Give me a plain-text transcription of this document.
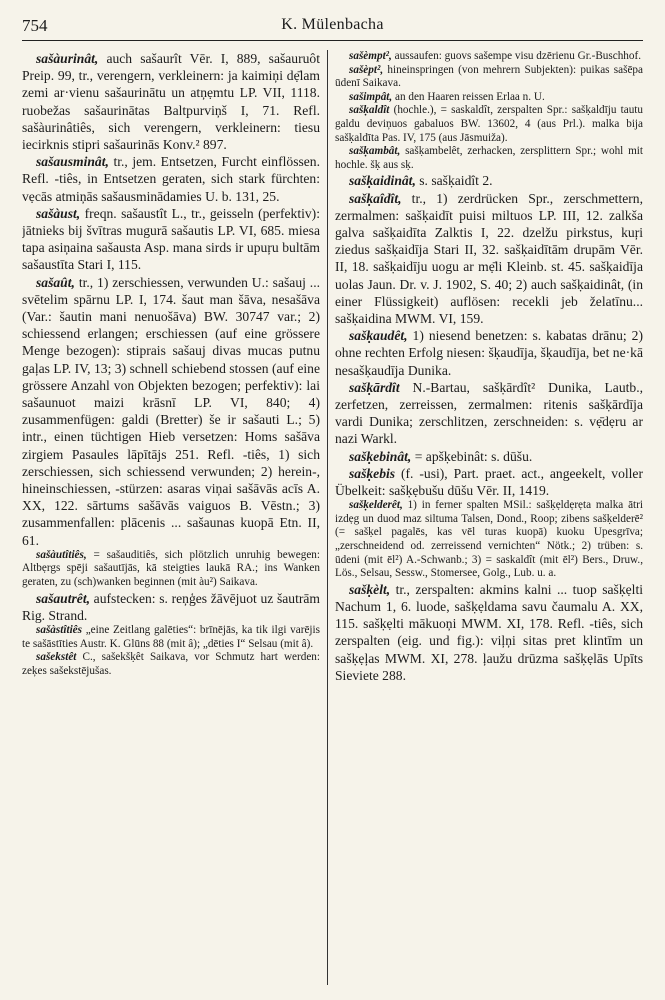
754	K. Mülenbacha

sašàurinât, auch sašaurît Vēr. I, 889, sašauruôt Preip. 99, tr., verengern, verkleinern: ja kaimiņi dẹ̄lam zemi ar·vienu sašaurinātu un atņẹmtu LP. VII, 1118. ruobežas sašaurinātas Baltpurviņš I, 71. Refl. sašàurinâtiês, sich verengern, verkleinern: tiesu iecirknis stipri sašaurinās Konv.² 897.

sašausminât, tr., jem. Entsetzen, Furcht einflössen. Refl. -tiês, in Entsetzen geraten, sich stark fürchten: vẹcās atmiņās sašausminādamies U. b. 131, 25.

sašàust, freqn. sašaustît L., tr., geisseln (perfektiv): jātnieks bij švītras mugurā sašautis LP. VI, 685. miesa tapa asiņaina sašausta Asp. mana sirds ir upuŗu bultām sašaustīta Stari I, 115.

sašaût, tr., 1) zerschiessen, verwunden U.: sašauj ... svētelim spārnu LP. I, 174. šaut man šāva, nesašāva (Var.: šautin mani nenuošāva) BW. 30747 var.; 2) schiessend erlangen; erschiessen (auf eine grössere Menge bezogen): stiprais sašauj divas mucas putnu gaļas LP. IV, 13; 3) schnell schiebend stossen (auf eine grössere Anzahl von Objekten bezogen; perfektiv): lai sašaunuot maizi krāsnī LP. VI, 840; 4) zusammenfügen: galdi (Bretter) še ir sašauti L.; 5) intr., einen tüchtigen Hieb versetzen: Homs sašāva zirgiem Pasaules lāpītājs 251. Refl. -tiês, 1) sich zerschiessen, sich schiessend verwunden; 2) herein-, hineinschiessen, -stürzen: asaras viņai sašāvās acīs A. XX, 122. sārtums sašāvās vaiguos B. Vēstn.; 3) zusammenfallen: plācenis ... sašaunas kuopā Etn. II, 61.

sašàutîtiês, = sašauditiês, sich plötzlich unruhig bewegen: Altbẹrgs spēji sašautījās, kā steigties laukā RA.; ins Wanken geraten, zu (sch)wanken beginnen (mit àu²) Saikava.

sašautrêt, aufstecken: s. reņģes žāvējuot uz šautrām Rig. Strand.

sašàstîtiês „eine Zeitlang galēties“: brīnējās, ka tik ilgi varējis te sašāstīties Austr. K. Glūns 88 (mit â); „dēties I“ Selsau (mit â).

sašekstêt C., sašekšḳêt Saikava, vor Schmutz hart werden: zeķes sašekstējušas.

sašèmpt², aussaufen: guovs sašempe visu dzērienu Gr.-Buschhof.

sašèpt², hineinspringen (von mehrern Subjekten): puikas sašēpa ūdenī Saikava.

sašimpât, an den Haaren reissen Erlaa n. U.

sašḳaldît (hochle.), = saskaldît, zerspalten Spr.: sašḳaldīju tautu galdu deviņuos gabaluos BW. 13602, 4 (aus Prl.). malka bija sašḳaldīta Pas. IV, 175 (aus Jāsmuiža).

sašḳambât, sašḳambelêt, zerhacken, zersplittern Spr.; wohl mit hochle. šḳ aus sḳ.

sašḳaidinât, s. sašḳaidît 2.

sašḳaîdît, tr., 1) zerdrücken Spr., zerschmettern, zermalmen: sašḳaidīt puisi miltuos LP. III, 12. zalkša galva sašḳaidīta Zalktis I, 22. dzelžu pirkstus, kuŗi ziedus sašḳaidīja Stari II, 32. sašḳaidītām drupām Vēr. II, 18. sašḳaidīju uogu ar mẹ̄li Kleinb. st. 45. sašḳaidīja uolas Jaun. Dr. v. J. 1902, S. 40; 2) auch sašḳaidinât, (in einer Flüssigkeit) auflösen: recekli jeb želatīnu... sašḳaidina MWM. VI, 159.

sašḳaudêt, 1) niesend benetzen: s. kabatas drānu; 2) ohne rechten Erfolg niesen: šḳaudīja, šḳaudīja, bet ne·kā nesašḳaudīja Dunika.

sašḳārdît N.-Bartau, sašḳārdît² Dunika, Lautb., zerfetzen, zerreissen, zermalmen: ritenis sašḳārdīja vardi Dunika; zerschlitzen, zerschneiden: s. vẹ̄dẹru ar nazi Warkl.

sašḳebinât, = apšḳebinât: s. dūšu.

sašḳebis (f. -usi), Part. praet. act., angeekelt, voller Übelkeit: sašḳẹbušu dūšu Vēr. II, 1419.

sašḳelderêt, 1) in ferner spalten MSil.: sašḳẹldẹrẹta malka ātri izdẹg un duod maz siltuma Talsen, Dond., Roop; zibens sašḳelderē² (= sašḳel pagalēs, kas vēl turas kuopā) kuoku Upesgrīva; „zerschneidend od. zerreissend vernichten“ Nötk.; 2) trüben: s. ūdeni (mit ēl²) A.-Schwanb.; 3) = saskaldît (mit ēl²) Bers., Druw., Lös., Selsau, Sessw., Stomersee, Golg., Lub. u. a.

sašḳèlt, tr., zerspalten: akmins kalni ... tuop sašḳẹlti Nachum 1, 6. luode, sašḳẹldama savu čaumalu A. XX, 115. sašḳẹlti mākuoņi MWM. XI, 178. Refl. -tiês, sich zerspalten (eig. und fig.): viļņi sitas pret klintīm un sašḳẹļas MWM. XI, 278. ļaužu drūzma sašḳẹlās Upīts Sieviete 288.
